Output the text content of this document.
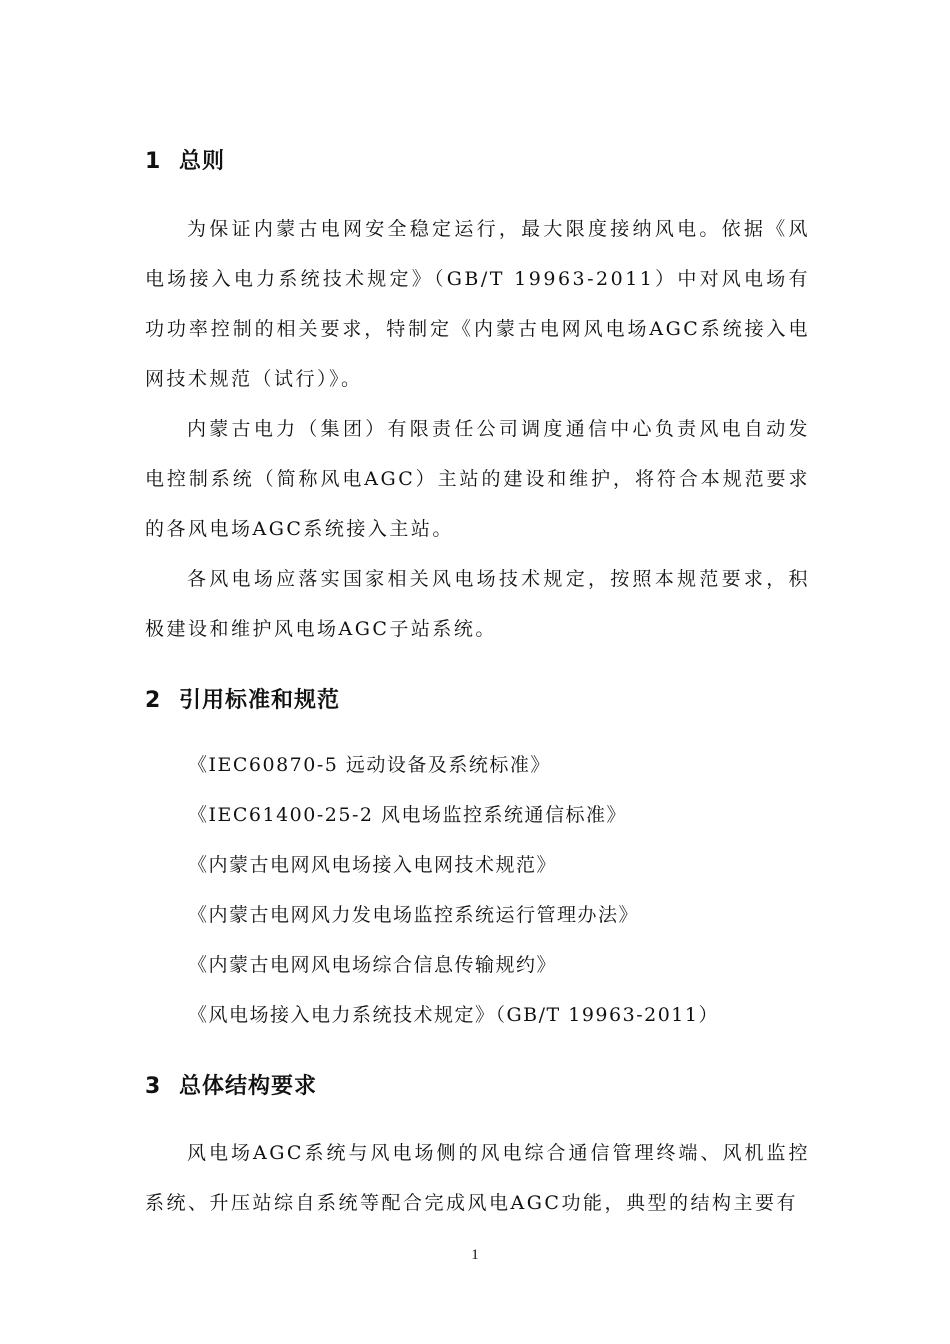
1 总则

为保证内蒙古电网安全稳定运行，最大限度接纳风电。依据《风电场接入电力系统技术规定》（GB/T 19963-2011）中对风电场有功功率控制的相关要求，特制定《内蒙古电网风电场AGC系统接入电网技术规范（试行）》。

内蒙古电力（集团）有限责任公司调度通信中心负责风电自动发电控制系统（简称风电AGC）主站的建设和维护，将符合本规范要求的各风电场AGC系统接入主站。

各风电场应落实国家相关风电场技术规定，按照本规范要求，积极建设和维护风电场AGC子站系统。

2 引用标准和规范
《IEC60870-5 远动设备及系统标准》
《IEC61400-25-2 风电场监控系统通信标准》
《内蒙古电网风电场接入电网技术规范》
《内蒙古电网风力发电场监控系统运行管理办法》
《内蒙古电网风电场综合信息传输规约》
《风电场接入电力系统技术规定》（GB/T 19963-2011）
3 总体结构要求

风电场AGC系统与风电场侧的风电综合通信管理终端、风机监控系统、升压站综自系统等配合完成风电AGC功能，典型的结构主要有

1
